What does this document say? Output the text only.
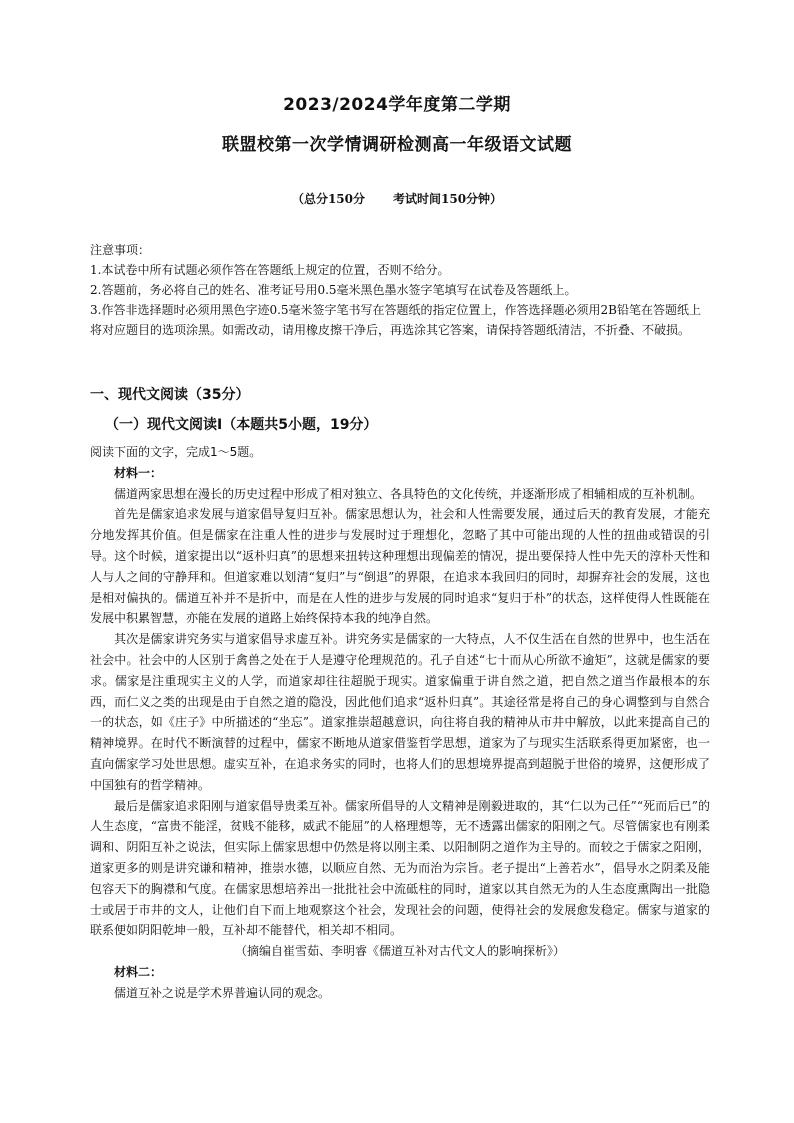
2023/2024学年度第二学期
联盟校第一次学情调研检测高一年级语文试题
（总分150分 考试时间150分钟）

注意事项：

1.本试卷中所有试题必须作答在答题纸上规定的位置，否则不给分。

2.答题前，务必将自己的姓名、准考证号用0.5毫米黑色墨水签字笔填写在试卷及答题纸上。

3.作答非选择题时必须用黑色字迹0.5毫米签字笔书写在答题纸的指定位置上，作答选择题必须用2B铅笔在答题纸上将对应题目的选项涂黑。如需改动，请用橡皮擦干净后，再选涂其它答案，请保持答题纸清洁，不折叠、不破损。

一、现代文阅读（35分）
（一）现代文阅读Ⅰ（本题共5小题，19分）

阅读下面的文字，完成1～5题。

材料一：

儒道两家思想在漫长的历史过程中形成了相对独立、各具特色的文化传统，并逐渐形成了相辅相成的互补机制。

首先是儒家追求发展与道家倡导复归互补。儒家思想认为，社会和人性需要发展，通过后天的教育发展，才能充分地发挥其价值。但是儒家在注重人性的进步与发展时过于理想化，忽略了其中可能出现的人性的扭曲或错误的引导。这个时候，道家提出以“返朴归真”的思想来扭转这种理想出现偏差的情况，提出要保持人性中先天的淳朴天性和人与人之间的守静拜和。但道家难以划清“复归”与“倒退”的界限，在追求本我回归的同时，却摒弃社会的发展，这也是相对偏执的。儒道互补并不是折中，而是在人性的进步与发展的同时追求“复归于朴”的状态，这样使得人性既能在发展中积累智慧，亦能在发展的道路上始终保持本我的纯净自然。

其次是儒家讲究务实与道家倡导求虚互补。讲究务实是儒家的一大特点，人不仅生活在自然的世界中，也生活在社会中。社会中的人区别于禽兽之处在于人是遵守伦理规范的。孔子自述“七十而从心所欲不逾矩”，这就是儒家的要求。儒家是注重现实主义的人学，而道家却往往超脱于现实。道家偏重于讲自然之道，把自然之道当作最根本的东西，而仁义之类的出现是由于自然之道的隐没，因此他们追求“返朴归真”。其途径常是将自己的身心调整到与自然合一的状态，如《庄子》中所描述的“坐忘”。道家推崇超越意识，向往将自我的精神从市井中解放，以此来提高自己的精神境界。在时代不断演替的过程中，儒家不断地从道家借鉴哲学思想，道家为了与现实生活联系得更加紧密，也一直向儒家学习处世思想。虚实互补，在追求务实的同时，也将人们的思想境界提高到超脱于世俗的境界，这便形成了中国独有的哲学精神。

最后是儒家追求阳刚与道家倡导贵柔互补。儒家所倡导的人文精神是刚毅进取的，其“仁以为己任”“死而后已”的人生态度，“富贵不能淫，贫贱不能移，威武不能屈”的人格理想等，无不透露出儒家的阳刚之气。尽管儒家也有刚柔调和、阴阳互补之说法，但实际上儒家思想中仍然是将以刚主柔、以阳制阴之道作为主导的。而较之于儒家之阳刚，道家更多的则是讲究谦和精神，推崇水德，以顺应自然、无为而治为宗旨。老子提出“上善若水”，倡导水之阴柔及能包容天下的胸襟和气度。在儒家思想培养出一批批社会中流砥柱的同时，道家以其自然无为的人生态度熏陶出一批隐士或居于市井的文人，让他们自下而上地观察这个社会，发现社会的问题，使得社会的发展愈发稳定。儒家与道家的联系便如阴阳乾坤一般，互补却不能替代，相关却不相同。

（摘编自崔雪茹、李明睿《儒道互补对古代文人的影响探析》）

材料二：

儒道互补之说是学术界普遍认同的观念。
